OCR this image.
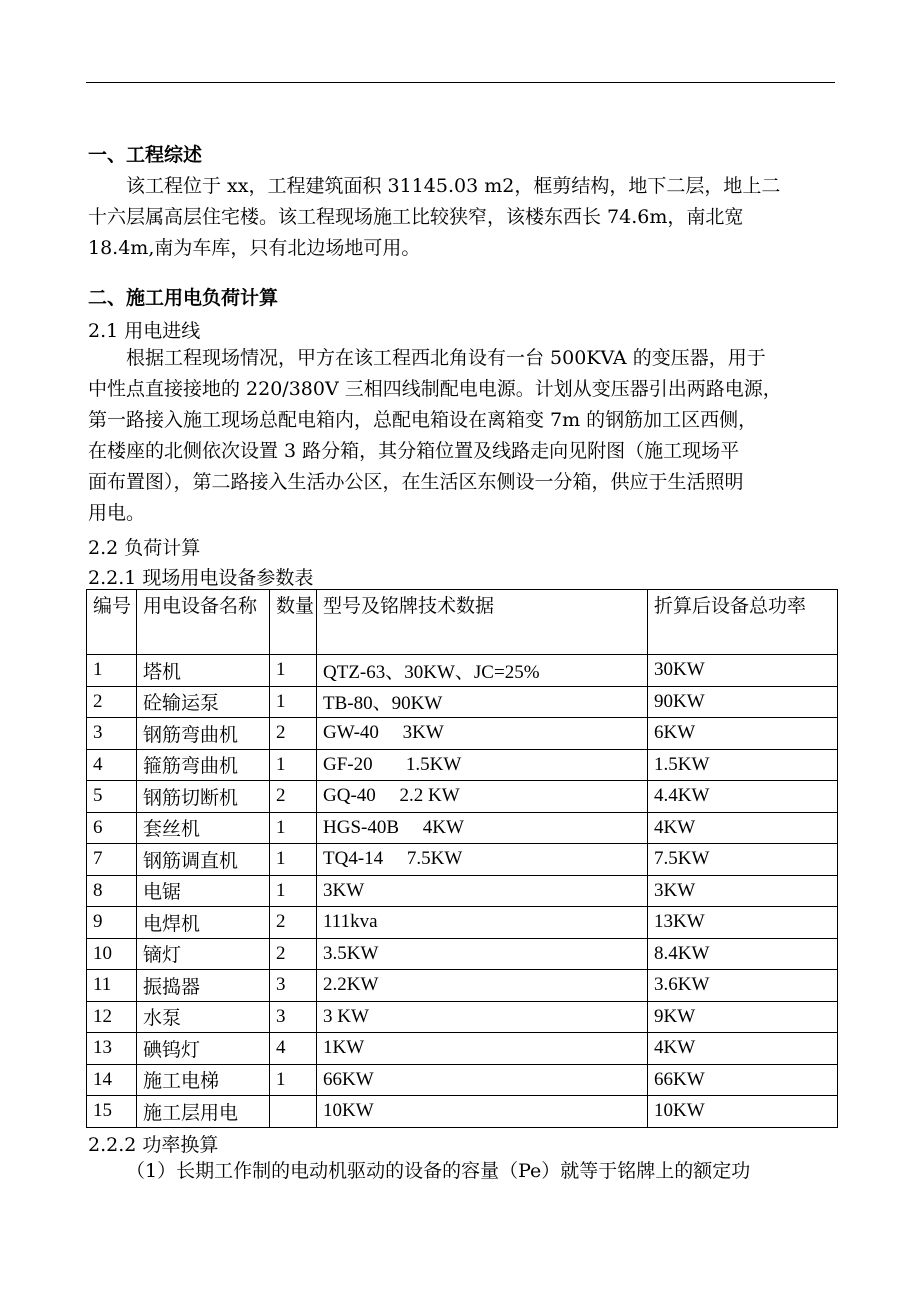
一、工程综述
该工程位于 xx，工程建筑面积 31145.03 m2，框剪结构，地下二层，地上二
十六层属高层住宅楼。该工程现场施工比较狭窄，该楼东西长 74.6m，南北宽
18.4m,南为车库，只有北边场地可用。
二、施工用电负荷计算
2.1 用电进线
根据工程现场情况，甲方在该工程西北角设有一台 500KVA 的变压器，用于
中性点直接接地的 220/380V 三相四线制配电电源。计划从变压器引出两路电源，
第一路接入施工现场总配电箱内，总配电箱设在离箱变 7m 的钢筋加工区西侧，
在楼座的北侧依次设置 3 路分箱，其分箱位置及线路走向见附图（施工现场平
面布置图），第二路接入生活办公区，在生活区东侧设一分箱，供应于生活照明
用电。
2.2 负荷计算
2.2.1 现场用电设备参数表
编号	用电设备名称	数量	型号及铭牌技术数据	折算后设备总功率
1	塔机	1	QTZ-63、30KW、JC=25%	30KW
2	砼输运泵	1	TB-80、90KW	90KW
3	钢筋弯曲机	2	GW-40     3KW	6KW
4	箍筋弯曲机	1	GF-20       1.5KW	1.5KW
5	钢筋切断机	2	GQ-40     2.2 KW	4.4KW
6	套丝机	1	HGS-40B     4KW	4KW
7	钢筋调直机	1	TQ4-14     7.5KW	7.5KW
8	电锯	1	3KW	3KW
9	电焊机	2	111kva	13KW
10	镝灯	2	3.5KW	8.4KW
11	振捣器	3	2.2KW	3.6KW
12	水泵	3	3 KW	9KW
13	碘钨灯	4	1KW	4KW
14	施工电梯	1	66KW	66KW
15	施工层用电		10KW	10KW
2.2.2 功率换算
（1）长期工作制的电动机驱动的设备的容量（Pe）就等于铭牌上的额定功
